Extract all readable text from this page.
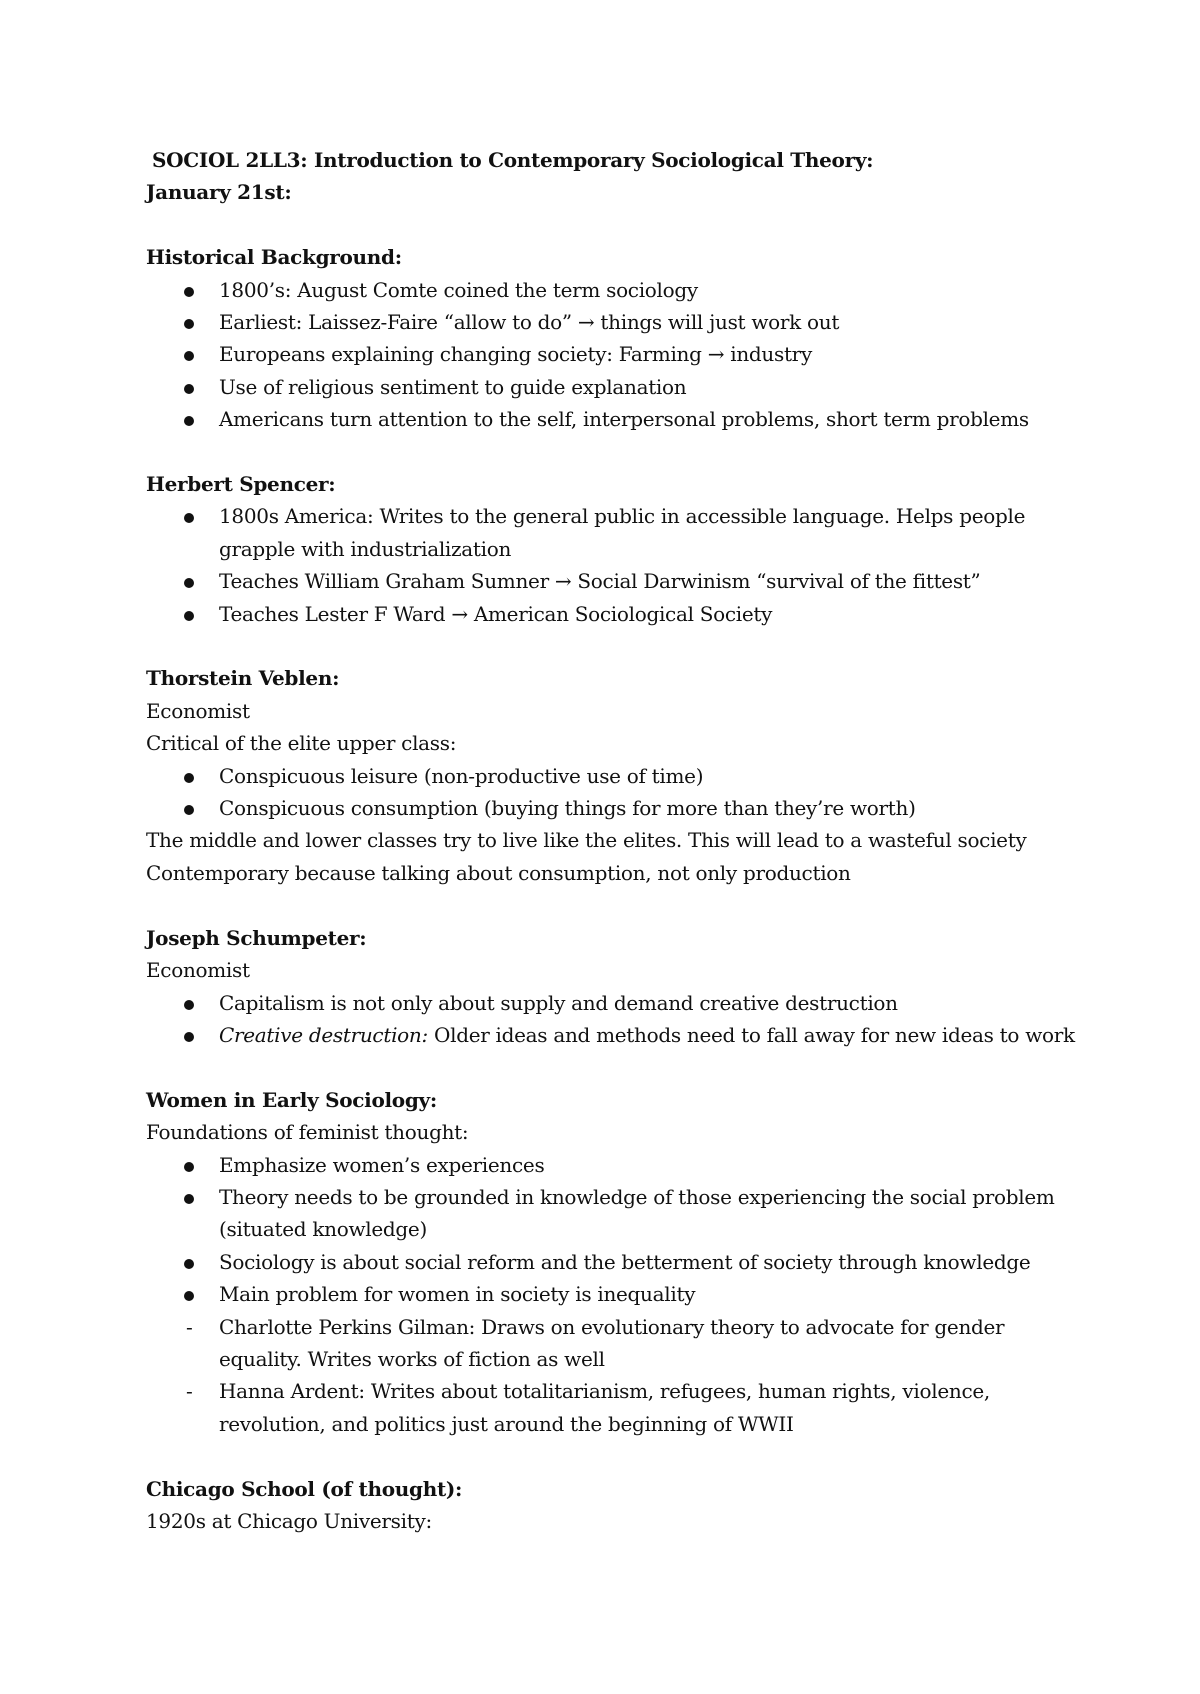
SOCIOL 2LL3: Introduction to Contemporary Sociological Theory:
January 21st:
Historical Background:
1800’s: August Comte coined the term sociology
Earliest: Laissez-Faire “allow to do” → things will just work out
Europeans explaining changing society: Farming → industry
Use of religious sentiment to guide explanation
Americans turn attention to the self, interpersonal problems, short term problems
Herbert Spencer:
1800s America: Writes to the general public in accessible language. Helps people grapple with industrialization
Teaches William Graham Sumner → Social Darwinism “survival of the fittest”
Teaches Lester F Ward → American Sociological Society
Thorstein Veblen:
Economist
Critical of the elite upper class:
Conspicuous leisure (non-productive use of time)
Conspicuous consumption (buying things for more than they’re worth)
The middle and lower classes try to live like the elites. This will lead to a wasteful society
Contemporary because talking about consumption, not only production
Joseph Schumpeter:
Economist
Capitalism is not only about supply and demand creative destruction
Creative destruction: Older ideas and methods need to fall away for new ideas to work
Women in Early Sociology:
Foundations of feminist thought:
Emphasize women’s experiences
Theory needs to be grounded in knowledge of those experiencing the social problem (situated knowledge)
Sociology is about social reform and the betterment of society through knowledge
Main problem for women in society is inequality
- Charlotte Perkins Gilman: Draws on evolutionary theory to advocate for gender equality. Writes works of fiction as well
- Hanna Ardent: Writes about totalitarianism, refugees, human rights, violence, revolution, and politics just around the beginning of WWII
Chicago School (of thought):
1920s at Chicago University:
